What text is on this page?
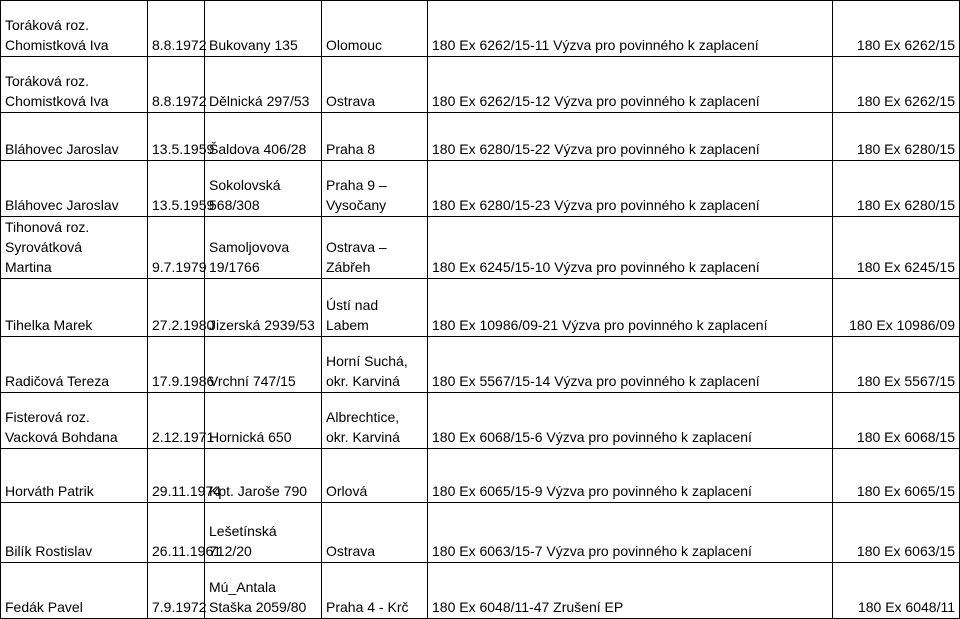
Toráková roz.
Chomistková Iva	8.8.1972	Bukovany 135	Olomouc	180 Ex 6262/15-11 Výzva pro povinného k zaplacení	180 Ex 6262/15

Toráková roz.
Chomistková Iva	8.8.1972	Dělnická 297/53	Ostrava	180 Ex 6262/15-12 Výzva pro povinného k zaplacení	180 Ex 6262/15

Bláhovec Jaroslav	13.5.1959	Šaldova 406/28	Praha 8	180 Ex 6280/15-22 Výzva pro povinného k zaplacení	180 Ex 6280/15

Bláhovec Jaroslav	13.5.1959	Sokolovská
568/308	Praha 9 –
Vysočany	180 Ex 6280/15-23 Výzva pro povinného k zaplacení	180 Ex 6280/15

Tihonová roz.
Syrovátková
Martina	9.7.1979	Samoljovova
19/1766	Ostrava –
Zábřeh	180 Ex 6245/15-10 Výzva pro povinného k zaplacení	180 Ex 6245/15

Tihelka Marek	27.2.1980	Jizerská 2939/53	Ústí nad
Labem	180 Ex 10986/09-21 Výzva pro povinného k zaplacení	180 Ex 10986/09

Radičová Tereza	17.9.1986	Vrchní 747/15	Horní Suchá,
okr. Karviná	180 Ex 5567/15-14 Výzva pro povinného k zaplacení	180 Ex 5567/15

Fisterová roz.
Vacková Bohdana	2.12.1971	Hornická 650	Albrechtice,
okr. Karviná	180 Ex 6068/15-6 Výzva pro povinného k zaplacení	180 Ex 6068/15

Horváth Patrik	29.11.1974	Kpt. Jaroše 790	Orlová	180 Ex 6065/15-9 Výzva pro povinného k zaplacení	180 Ex 6065/15

Bilík Rostislav	26.11.1961	Lešetínská
712/20	Ostrava	180 Ex 6063/15-7 Výzva pro povinného k zaplacení	180 Ex 6063/15

Fedák Pavel	7.9.1972	Mú_Antala
Staška 2059/80	Praha 4 - Krč	180 Ex 6048/11-47 Zrušení EP	180 Ex 6048/11
